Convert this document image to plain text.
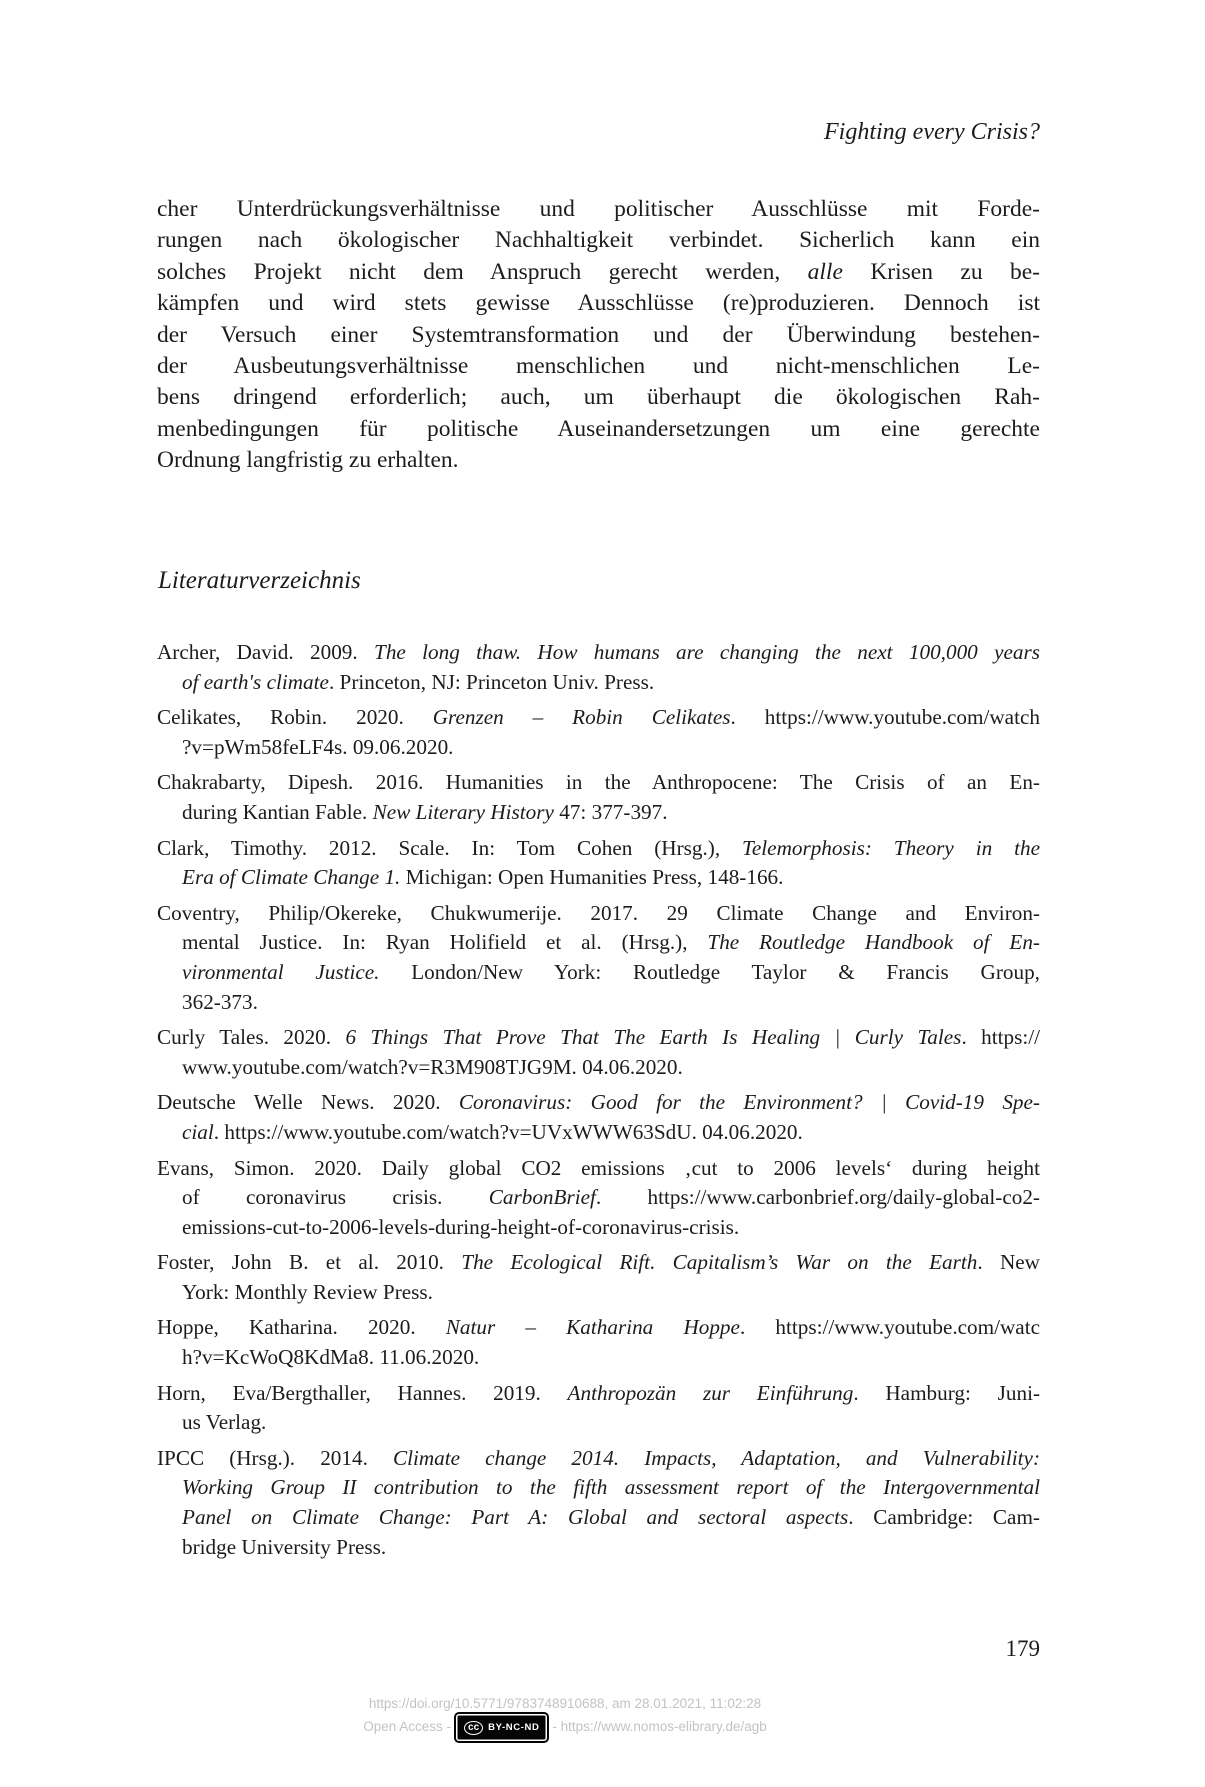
Fighting every Crisis?
cher Unterdrückungsverhältnisse und politischer Ausschlüsse mit Forde-
rungen nach ökologischer Nachhaltigkeit verbindet. Sicherlich kann ein
solches Projekt nicht dem Anspruch gerecht werden, alle Krisen zu be-
kämpfen und wird stets gewisse Ausschlüsse (re)produzieren. Dennoch ist
der Versuch einer Systemtransformation und der Überwindung bestehen-
der Ausbeutungsverhältnisse menschlichen und nicht-menschlichen Le-
bens dringend erforderlich; auch, um überhaupt die ökologischen Rah-
menbedingungen für politische Auseinandersetzungen um eine gerechte
Ordnung langfristig zu erhalten.
Literaturverzeichnis
Archer, David. 2009. The long thaw. How humans are changing the next 100,000 years
of earth's climate. Princeton, NJ: Princeton Univ. Press.
Celikates, Robin. 2020. Grenzen – Robin Celikates. https://www.youtube.com/watch
?v=pWm58feLF4s. 09.06.2020.
Chakrabarty, Dipesh. 2016. Humanities in the Anthropocene: The Crisis of an En-
during Kantian Fable. New Literary History 47: 377-397.
Clark, Timothy. 2012. Scale. In: Tom Cohen (Hrsg.), Telemorphosis: Theory in the
Era of Climate Change 1. Michigan: Open Humanities Press, 148-166.
Coventry, Philip/Okereke, Chukwumerije. 2017. 29 Climate Change and Environ-
mental Justice. In: Ryan Holifield et al. (Hrsg.), The Routledge Handbook of En-
vironmental Justice. London/New York: Routledge Taylor & Francis Group,
362-373.
Curly Tales. 2020. 6 Things That Prove That The Earth Is Healing | Curly Tales. https://
www.youtube.com/watch?v=R3M908TJG9M. 04.06.2020.
Deutsche Welle News. 2020. Coronavirus: Good for the Environment? | Covid-19 Spe-
cial. https://www.youtube.com/watch?v=UVxWWW63SdU. 04.06.2020.
Evans, Simon. 2020. Daily global CO2 emissions ‚cut to 2006 levels‘ during height
of coronavirus crisis. CarbonBrief. https://www.carbonbrief.org/daily-global-co2-
emissions-cut-to-2006-levels-during-height-of-coronavirus-crisis.
Foster, John B. et al. 2010. The Ecological Rift. Capitalism’s War on the Earth. New
York: Monthly Review Press.
Hoppe, Katharina. 2020. Natur – Katharina Hoppe. https://www.youtube.com/watc
h?v=KcWoQ8KdMa8. 11.06.2020.
Horn, Eva/Bergthaller, Hannes. 2019. Anthropozän zur Einführung. Hamburg: Juni-
us Verlag.
IPCC (Hrsg.). 2014. Climate change 2014. Impacts, Adaptation, and Vulnerability:
Working Group II contribution to the fifth assessment report of the Intergovernmental
Panel on Climate Change: Part A: Global and sectoral aspects. Cambridge: Cam-
bridge University Press.
179
https://doi.org/10.5771/9783748910688, am 28.01.2021, 11:02:28
Open Access -	cc BY-NC-ND - https://www.nomos-elibrary.de/agb
